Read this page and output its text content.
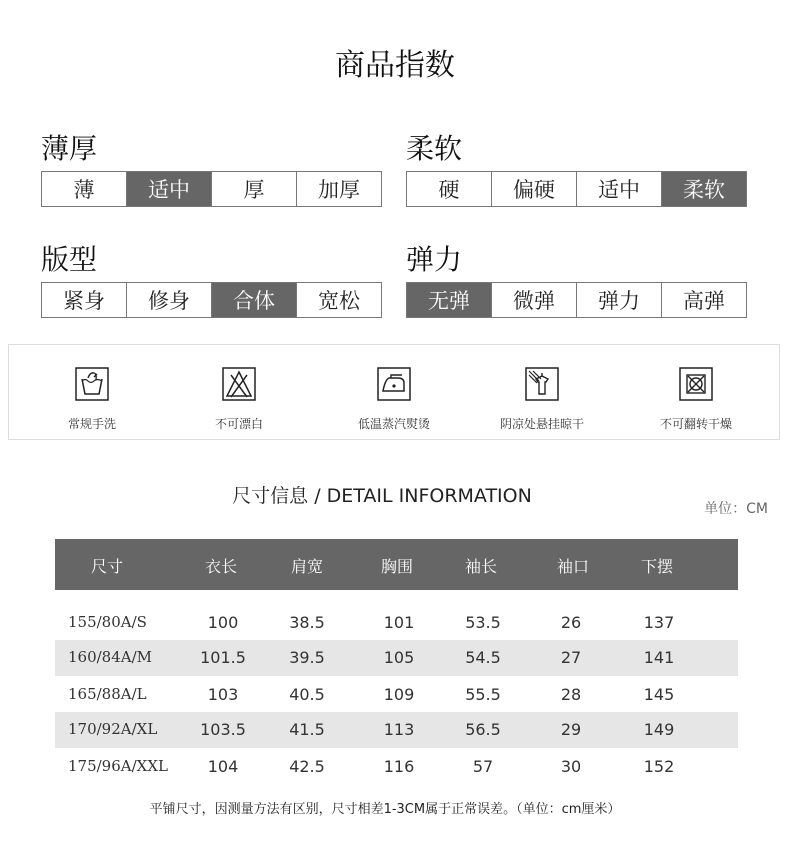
商品指数
薄厚
薄	适中	厚	加厚
柔软
硬	偏硬	适中	柔软
版型
紧身	修身	合体	宽松
弹力
无弹	微弹	弹力	高弹
常规手洗	不可漂白	低温蒸汽熨烫	阴凉处悬挂晾干	不可翻转干燥
尺寸信息 / DETAIL INFORMATION
单位：CM
尺寸	衣长	肩宽	胸围	袖长	袖口	下摆
155/80A/S	100	38.5	101	53.5	26	137
160/84A/M	101.5	39.5	105	54.5	27	141
165/88A/L	103	40.5	109	55.5	28	145
170/92A/XL	103.5	41.5	113	56.5	29	149
175/96A/XXL	104	42.5	116	57	30	152
平铺尺寸，因测量方法有区别，尺寸相差1-3CM属于正常误差。（单位：cm厘米）
